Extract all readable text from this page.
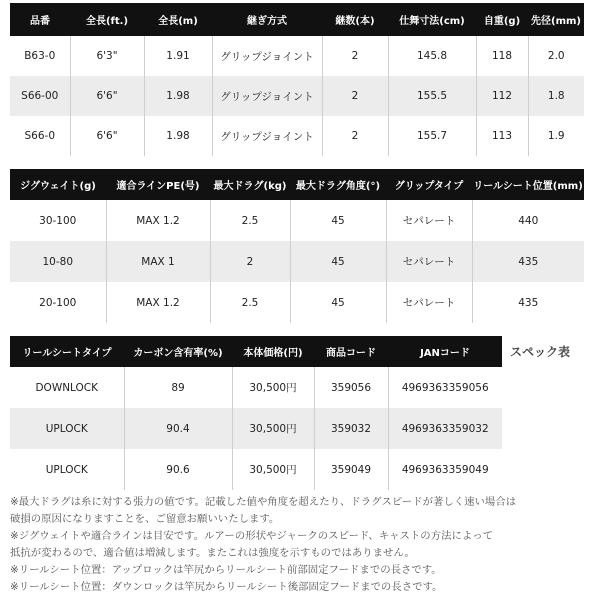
品番	全長(ft.)	全長(m)	継ぎ方式	継数(本)	仕舞寸法(cm)	自重(g)	先径(mm)
B63-0	6'3"	1.91	グリップジョイント	2	145.8	118	2.0
S66-00	6'6"	1.98	グリップジョイント	2	155.5	112	1.8
S66-0	6'6"	1.98	グリップジョイント	2	155.7	113	1.9
ジグウェイト(g)	適合ラインPE(号)	最大ドラグ(kg)	最大ドラグ角度(°)	グリップタイプ	リールシート位置(mm)
30-100	MAX 1.2	2.5	45	セパレート	440
10-80	MAX 1	2	45	セパレート	435
20-100	MAX 1.2	2.5	45	セパレート	435
リールシートタイプ	カーボン含有率(%)	本体価格(円)	商品コード	JANコード
DOWNLOCK	89	30,500円	359056	4969363359056
UPLOCK	90.4	30,500円	359032	4969363359032
UPLOCK	90.6	30,500円	359049	4969363359049
スペック表
※最大ドラグは糸に対する張力の値です。記載した値や角度を超えたり、ドラグスピードが著しく速い場合は
破損の原因になりますことを、ご留意お願いいたします。
※ジグウェイトや適合ラインは目安です。ルアーの形状やジャークのスピード、キャストの方法によって
抵抗が変わるので、適合値は増減します。またこれは強度を示すものではありません。
※リールシート位置：アップロックは竿尻からリールシート前部固定フードまでの長さです。
※リールシート位置：ダウンロックは竿尻からリールシート後部固定フードまでの長さです。
